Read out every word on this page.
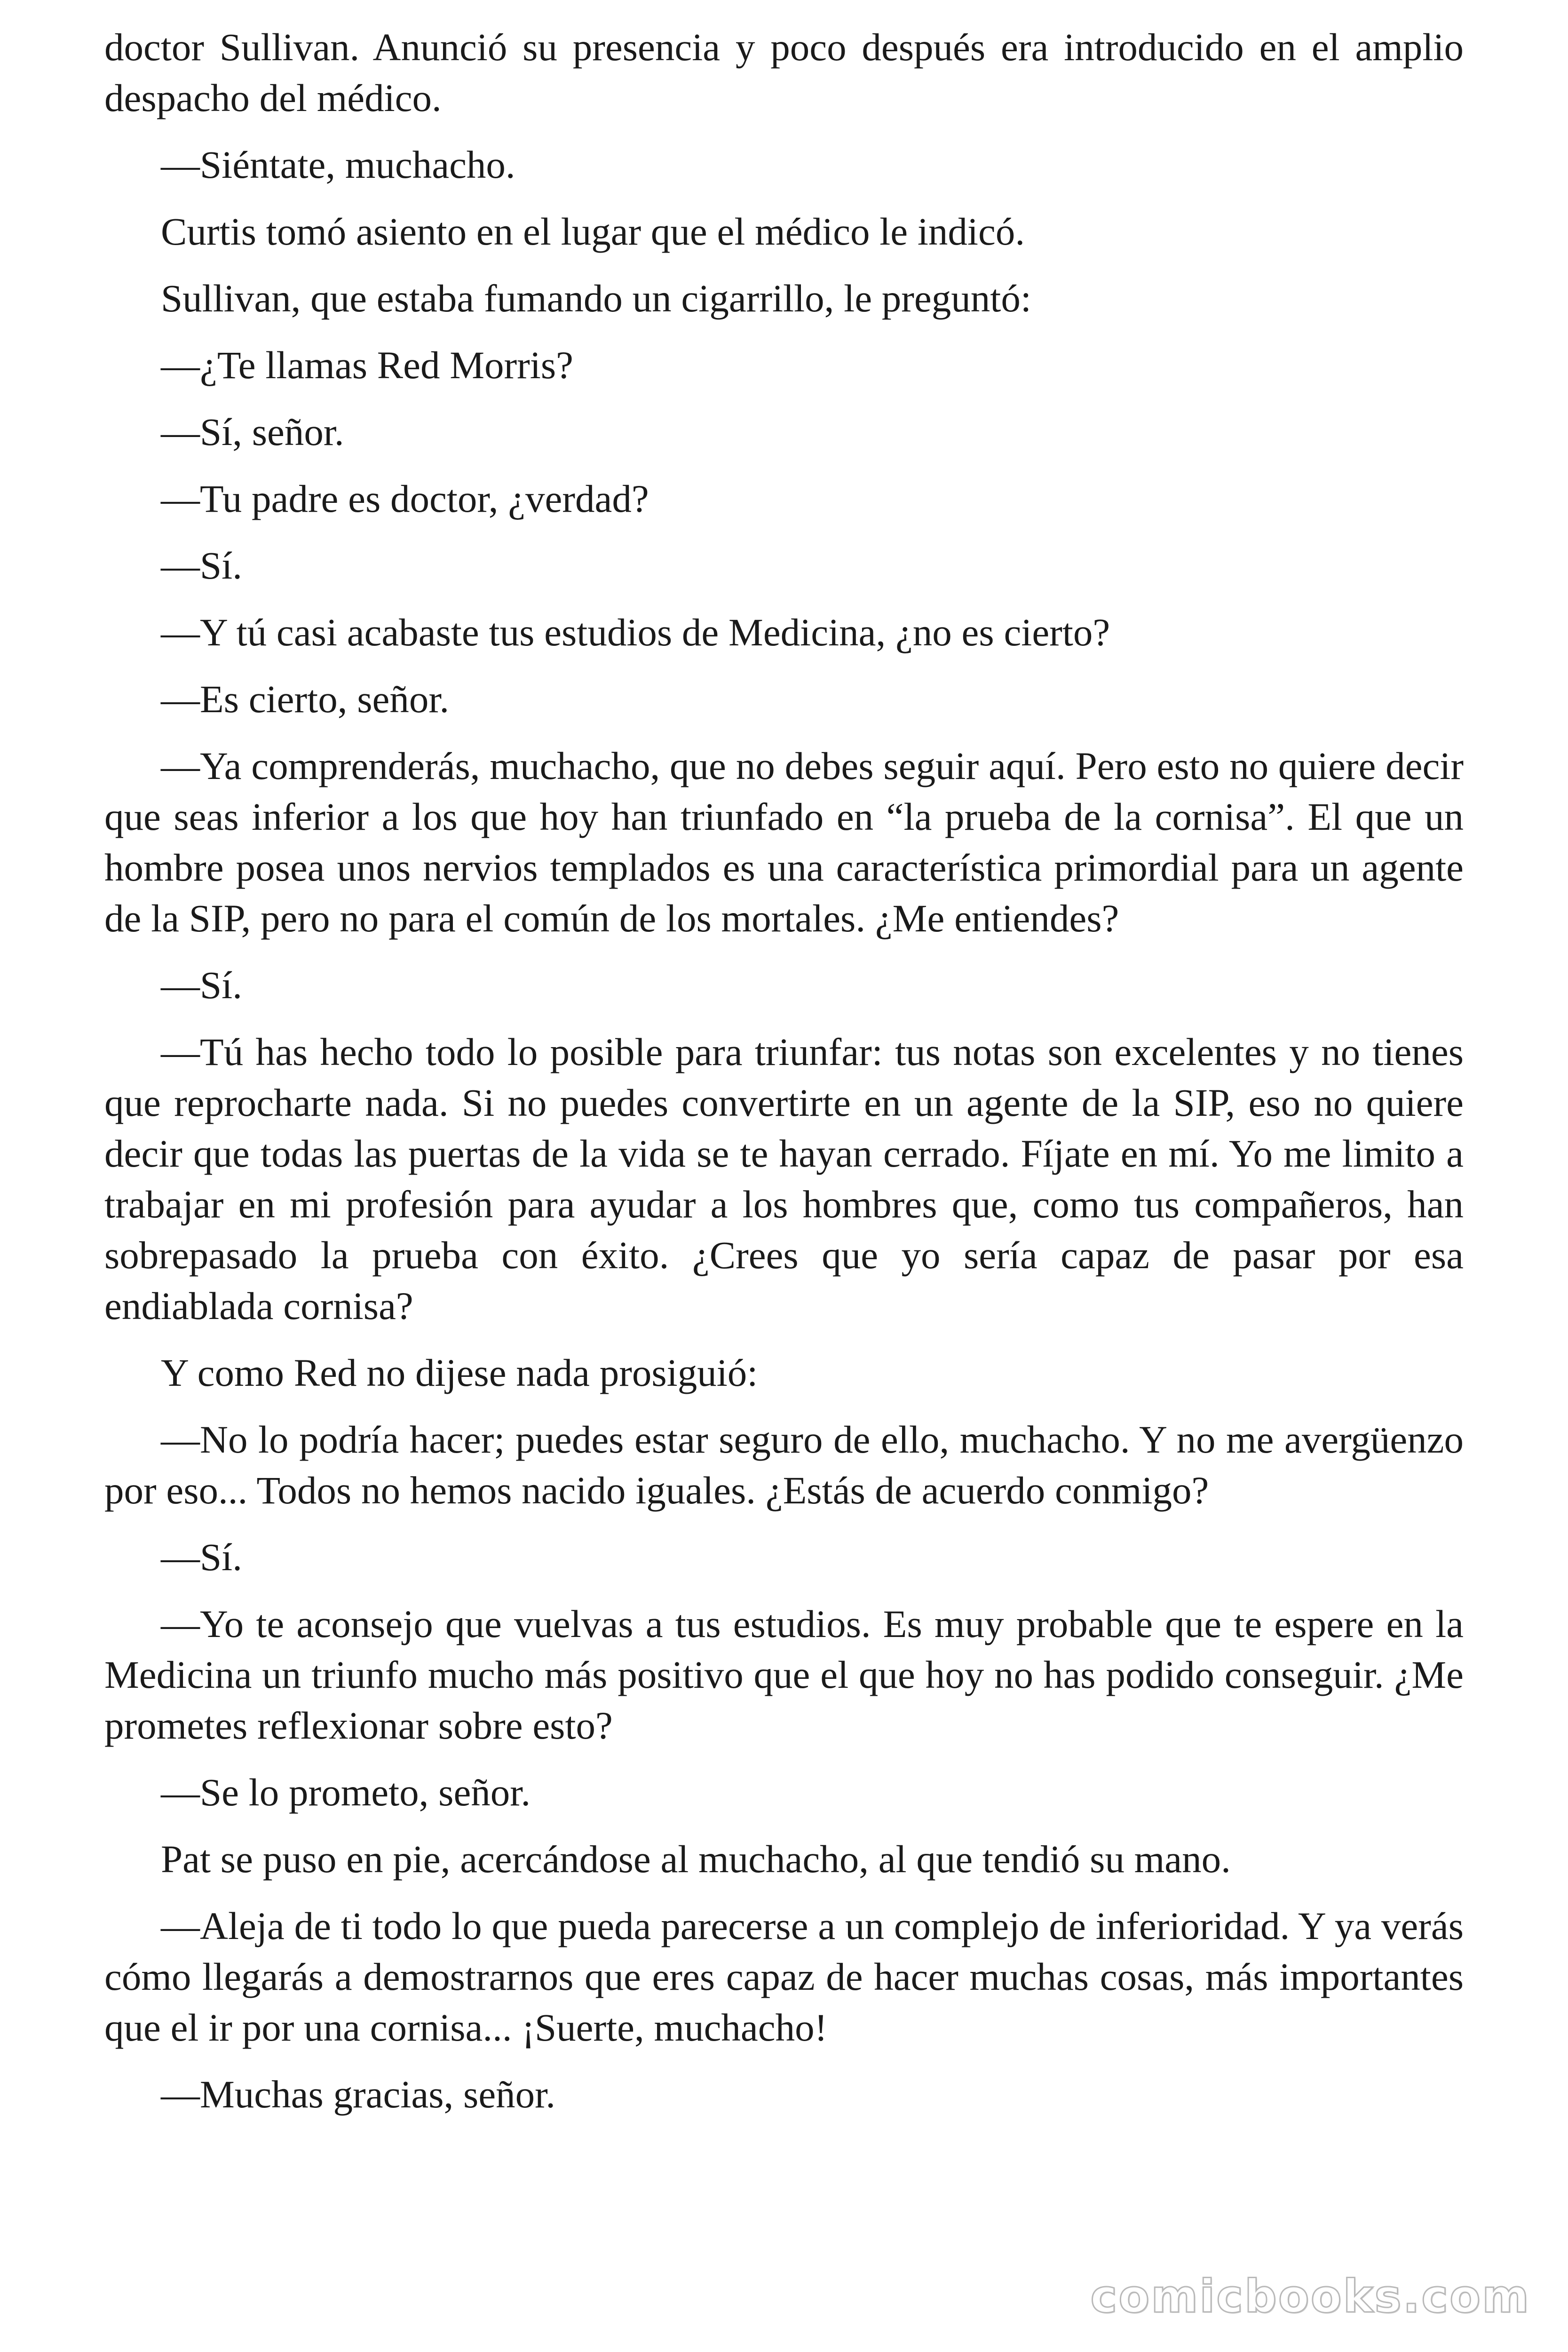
doctor Sullivan. Anunció su presencia y poco después era introducido en el amplio despacho del médico.

—Siéntate, muchacho.

Curtis tomó asiento en el lugar que el médico le indicó.

Sullivan, que estaba fumando un cigarrillo, le preguntó:

—¿Te llamas Red Morris?

—Sí, señor.

—Tu padre es doctor, ¿verdad?

—Sí.

—Y tú casi acabaste tus estudios de Medicina, ¿no es cierto?

—Es cierto, señor.

—Ya comprenderás, muchacho, que no debes seguir aquí. Pero esto no quiere decir que seas inferior a los que hoy han triunfado en “la prueba de la cornisa”. El que un hombre posea unos nervios templados es una característica primordial para un agente de la SIP, pero no para el común de los mortales. ¿Me entiendes?

—Sí.

—Tú has hecho todo lo posible para triunfar: tus notas son excelentes y no tienes que reprocharte nada. Si no puedes convertirte en un agente de la SIP, eso no quiere decir que todas las puertas de la vida se te hayan cerrado. Fíjate en mí. Yo me limito a trabajar en mi profesión para ayudar a los hombres que, como tus compañeros, han sobrepasado la prueba con éxito. ¿Crees que yo sería capaz de pasar por esa endiablada cornisa?

Y como Red no dijese nada prosiguió:

—No lo podría hacer; puedes estar seguro de ello, muchacho. Y no me avergüenzo por eso... Todos no hemos nacido iguales. ¿Estás de acuerdo conmigo?

—Sí.

—Yo te aconsejo que vuelvas a tus estudios. Es muy probable que te espere en la Medicina un triunfo mucho más positivo que el que hoy no has podido conseguir. ¿Me prometes reflexionar sobre esto?

—Se lo prometo, señor.

Pat se puso en pie, acercándose al muchacho, al que tendió su mano.

—Aleja de ti todo lo que pueda parecerse a un complejo de inferioridad. Y ya verás cómo llegarás a demostrarnos que eres capaz de hacer muchas cosas, más importantes que el ir por una cornisa... ¡Suerte, muchacho!

—Muchas gracias, señor.

comicbooks.com
